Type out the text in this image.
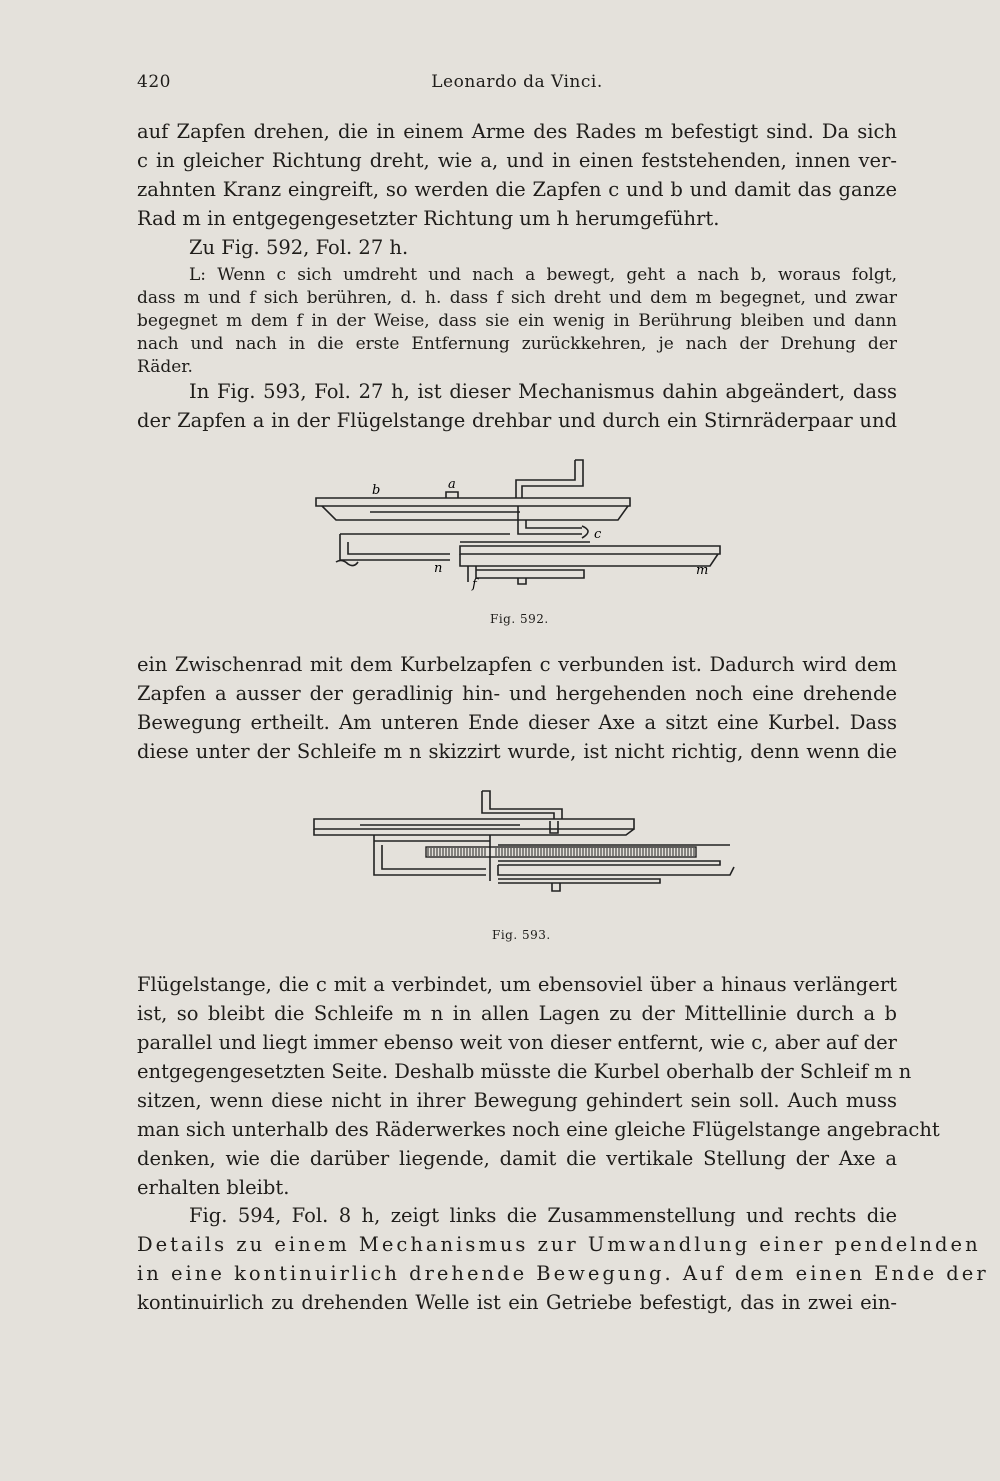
420	Leonardo da Vinci.
auf Zapfen drehen, die in einem Arme des Rades m befestigt sind. Da sich
c in gleicher Richtung dreht, wie a, und in einen feststehenden, innen ver-
zahnten Kranz eingreift, so werden die Zapfen c und b und damit das ganze
Rad m in entgegengesetzter Richtung um h herumgeführt.
Zu Fig. 592, Fol. 27 h.
L: Wenn c sich umdreht und nach a bewegt, geht a nach b, woraus folgt,
dass m und f sich berühren, d. h. dass f sich dreht und dem m begegnet, und zwar
begegnet m dem f in der Weise, dass sie ein wenig in Berührung bleiben und dann
nach und nach in die erste Entfernung zurückkehren, je nach der Drehung der
Räder.
In Fig. 593, Fol. 27 h, ist dieser Mechanismus dahin abgeändert, dass
der Zapfen a in der Flügelstange drehbar und durch ein Stirnräderpaar und
b	a
c
n
f
m
Fig. 592.
ein Zwischenrad mit dem Kurbelzapfen c verbunden ist. Dadurch wird dem
Zapfen a ausser der geradlinig hin- und hergehenden noch eine drehende
Bewegung ertheilt. Am unteren Ende dieser Axe a sitzt eine Kurbel. Dass
diese unter der Schleife m n skizzirt wurde, ist nicht richtig, denn wenn die
Fig. 593.
Flügelstange, die c mit a verbindet, um ebensoviel über a hinaus verlängert
ist, so bleibt die Schleife m n in allen Lagen zu der Mittellinie durch a b
parallel und liegt immer ebenso weit von dieser entfernt, wie c, aber auf der
entgegengesetzten Seite. Deshalb müsste die Kurbel oberhalb der Schleif m n
sitzen, wenn diese nicht in ihrer Bewegung gehindert sein soll. Auch muss
man sich unterhalb des Räderwerkes noch eine gleiche Flügelstange angebracht
denken, wie die darüber liegende, damit die vertikale Stellung der Axe a
erhalten bleibt.
Fig. 594, Fol. 8 h, zeigt links die Zusammenstellung und rechts die
Details zu einem Mechanismus zur Umwandlung einer pendelnden
in eine kontinuirlich drehende Bewegung. Auf dem einen Ende der
kontinuirlich zu drehenden Welle ist ein Getriebe befestigt, das in zwei ein-
